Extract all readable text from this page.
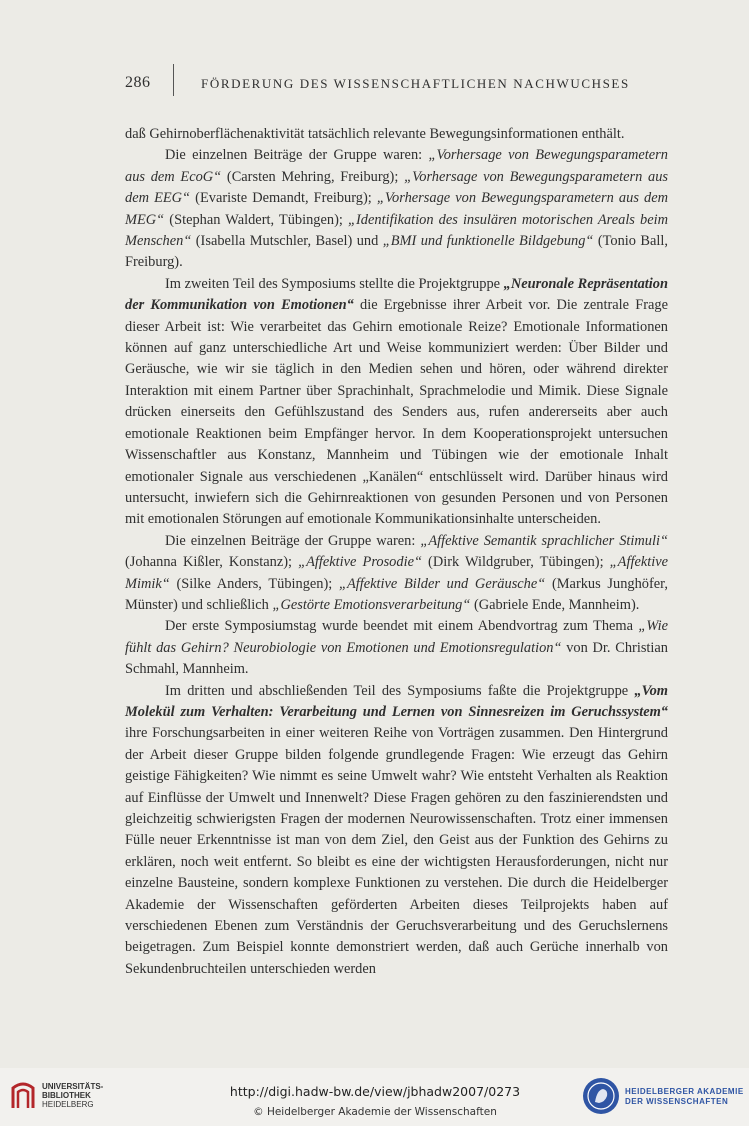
286	FÖRDERUNG DES WISSENSCHAFTLICHEN NACHWUCHSES

daß Gehirnoberflächenaktivität tatsächlich relevante Bewegungsinformationen enthält.

Die einzelnen Beiträge der Gruppe waren: „Vorhersage von Bewegungsparametern aus dem EcoG“ (Carsten Mehring, Freiburg); „Vorhersage von Bewegungsparametern aus dem EEG“ (Evariste Demandt, Freiburg); „Vorhersage von Bewegungsparametern aus dem MEG“ (Stephan Waldert, Tübingen); „Identifikation des insulären motorischen Areals beim Menschen“ (Isabella Mutschler, Basel) und „BMI und funktionelle Bildgebung“ (Tonio Ball, Freiburg).

Im zweiten Teil des Symposiums stellte die Projektgruppe „Neuronale Repräsentation der Kommunikation von Emotionen“ die Ergebnisse ihrer Arbeit vor. Die zentrale Frage dieser Arbeit ist: Wie verarbeitet das Gehirn emotionale Reize? Emotionale Informationen können auf ganz unterschiedliche Art und Weise kommuniziert werden: Über Bilder und Geräusche, wie wir sie täglich in den Medien sehen und hören, oder während direkter Interaktion mit einem Partner über Sprachinhalt, Sprachmelodie und Mimik. Diese Signale drücken einerseits den Gefühlszustand des Senders aus, rufen andererseits aber auch emotionale Reaktionen beim Empfänger hervor. In dem Kooperationsprojekt untersuchen Wissenschaftler aus Konstanz, Mannheim und Tübingen wie der emotionale Inhalt emotionaler Signale aus verschiedenen „Kanälen“ entschlüsselt wird. Darüber hinaus wird untersucht, inwiefern sich die Gehirnreaktionen von gesunden Personen und von Personen mit emotionalen Störungen auf emotionale Kommunikationsinhalte unterscheiden.

Die einzelnen Beiträge der Gruppe waren: „Affektive Semantik sprachlicher Stimuli“ (Johanna Kißler, Konstanz); „Affektive Prosodie“ (Dirk Wildgruber, Tübingen); „Affektive Mimik“ (Silke Anders, Tübingen); „Affektive Bilder und Geräusche“ (Markus Junghöfer, Münster) und schließlich „Gestörte Emotionsverarbeitung“ (Gabriele Ende, Mannheim).

Der erste Symposiumstag wurde beendet mit einem Abendvortrag zum Thema „Wie fühlt das Gehirn? Neurobiologie von Emotionen und Emotionsregulation“ von Dr. Christian Schmahl, Mannheim.

Im dritten und abschließenden Teil des Symposiums faßte die Projektgruppe „Vom Molekül zum Verhalten: Verarbeitung und Lernen von Sinnesreizen im Geruchssystem“ ihre Forschungsarbeiten in einer weiteren Reihe von Vorträgen zusammen. Den Hintergrund der Arbeit dieser Gruppe bilden folgende grundlegende Fragen: Wie erzeugt das Gehirn geistige Fähigkeiten? Wie nimmt es seine Umwelt wahr? Wie entsteht Verhalten als Reaktion auf Einflüsse der Umwelt und Innenwelt? Diese Fragen gehören zu den faszinierendsten und gleichzeitig schwierigsten Fragen der modernen Neurowissenschaften. Trotz einer immensen Fülle neuer Erkenntnisse ist man von dem Ziel, den Geist aus der Funktion des Gehirns zu erklären, noch weit entfernt. So bleibt es eine der wichtigsten Herausforderungen, nicht nur einzelne Bausteine, sondern komplexe Funktionen zu verstehen. Die durch die Heidelberger Akademie der Wissenschaften geförderten Arbeiten dieses Teilprojekts haben auf verschiedenen Ebenen zum Verständnis der Geruchsverarbeitung und des Geruchslernens beigetragen. Zum Beispiel konnte demonstriert werden, daß auch Gerüche innerhalb von Sekundenbruchteilen unterschieden werden

UNIVERSITÄTS-
BIBLIOTHEK
HEIDELBERG
http://digi.hadw-bw.de/view/jbhadw2007/0273
© Heidelberger Akademie der Wissenschaften
HEIDELBERGER AKADEMIE
DER WISSENSCHAFTEN
